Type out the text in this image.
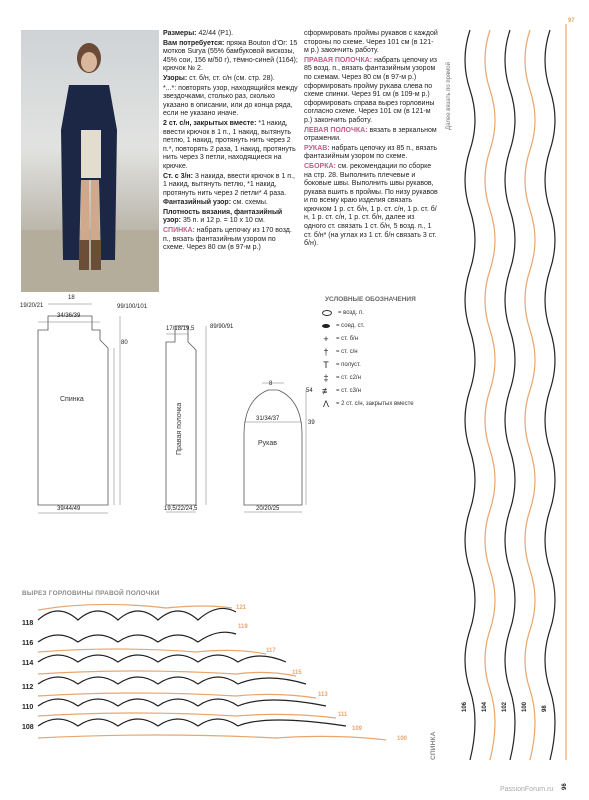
Размеры: 42/44 (Р1).

Вам потребуется: пряжа Bouton d’Or: 15 мотков Surya (55% бамбуковой вискозы, 45% сои, 156 м/50 г), тёмно-синей (1164); крючок № 2.

Узоры: ст. б/н, ст. с/н (см. стр. 28).

*...*: повторять узор, находящийся между звездочками, столько раз, сколько указано в описании, или до конца ряда, если не указано иначе.

2 ст. с/н, закрытых вместе: *1 накид, ввести крючок в 1 п., 1 накид, вытянуть петлю, 1 накид, протянуть нить через 2 п.*, повторять 2 раза, 1 накид, протянуть нить через 3 петли, находящиеся на крючке.

Ст. с 3/н: 3 накида, ввести крючок в 1 п., 1 накид, вытянуть петлю, *1 накид, протянуть нить через 2 петли* 4 раза.

Фантазийный узор: см. схемы.

Плотность вязания, фантазийный узор: 35 п. и 12 р. = 10 х 10 см.

СПИНКА: набрать цепочку из 170 возд. п., вязать фантазийным узором по схеме. Через 80 см (в 97-м р.)

сформировать проймы рукавов с каждой стороны по схеме. Через 101 см (в 121-м р.) закончить работу.

ПРАВАЯ ПОЛОЧКА: набрать цепочку из 85 возд. п., вязать фантазийным узором по схемам. Через 80 см (в 97-м р.) сформировать пройму рукава слева по схеме спинки. Через 91 см (в 109-м р.) сформировать справа вырез горловины согласно схеме. Через 101 см (в 121-м р.) закончить работу.

ЛЕВАЯ ПОЛОЧКА: вязать в зеркальном отражении.

РУКАВ: набрать цепочку из 85 п., вязать фантазийным узором по схеме.

СБОРКА: см. рекомендации по сборке на стр. 28. Выполнить плечевые и боковые швы. Выполнить швы рукавов, рукава вшить в проймы. По низу рукавов и по всему краю изделия связать крючком 1 р. ст. б/н, 1 р. ст. с/н, 1 р. ст. б/н, 1 р. ст. с/н, 1 р. ст. б/н, далее из одного ст. связать 1 ст. б/н, 5 возд. п., 1 ст. б/н* (на углах из 1 ст. б/н связать 3 ст. б/н).

18
34/36/39
19/20/21	99/100/101
80
Спинка
39/44/49
17/18/19,5	89/90/91
Правая полочка
19,5/22/24,5
8
31/34/37
54
39
Рукав
20/20/25
УСЛОВНЫЕ ОБОЗНАЧЕНИЯ
= возд. п.
= соед. ст.
+ = ст. б/н
† = ст. с/н
T = полуст.
‡ = ст. с2/н
≢ = ст. с3/н
Λ = 2 ст. с/н, закрытых вместе
ВЫРЕЗ ГОРЛОВИНЫ ПРАВОЙ ПОЛОЧКИ
118
116
114
112
110
108
121
119
117
115
113
111
109
100	СПИНКА
Далее вязать по прямой
106 104 102 100 98
96
97
PassionForum.ru
